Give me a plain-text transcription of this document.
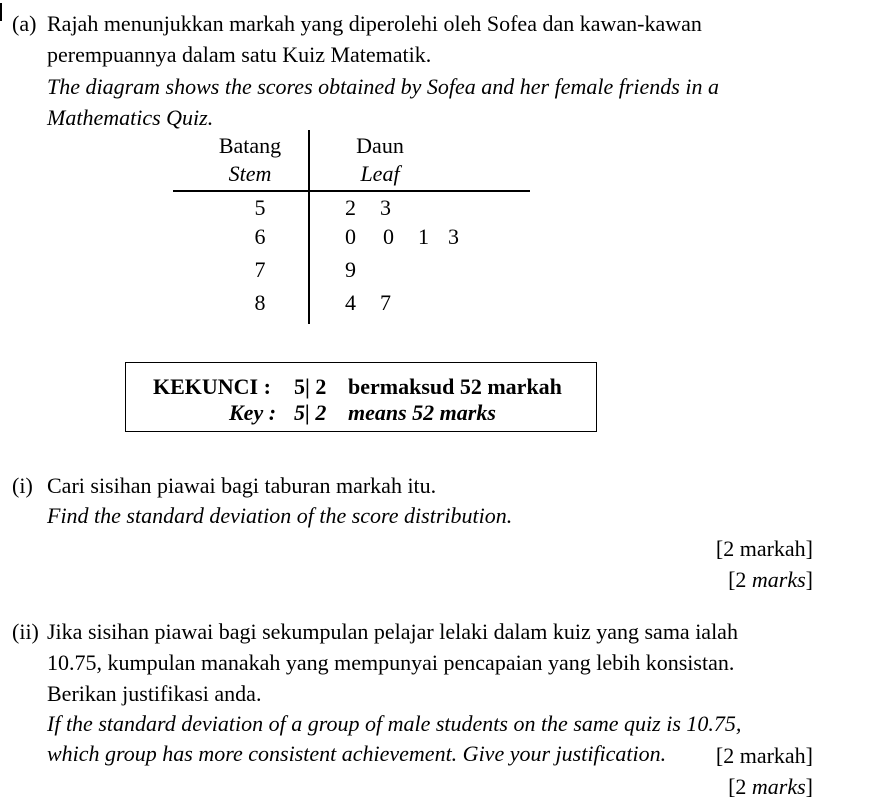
(a) Rajah menunjukkan markah yang diperolehi oleh Sofea dan kawan-kawan
perempuannya dalam satu Kuiz Matematik.
The diagram shows the scores obtained by Sofea and her female friends in a
Mathematics Quiz.
Batang
Stem
Daun
Leaf
5	2 3
6	0 0 1 3
7	9
8	4 7
KEKUNCI : 5| 2 bermaksud 52 markah
Key : 5| 2 means 52 marks
(i) Cari sisihan piawai bagi taburan markah itu.
Find the standard deviation of the score distribution.
[2 markah]
[2 marks]
(ii) Jika sisihan piawai bagi sekumpulan pelajar lelaki dalam kuiz yang sama ialah
10.75, kumpulan manakah yang mempunyai pencapaian yang lebih konsistan.
Berikan justifikasi anda.
If the standard deviation of a group of male students on the same quiz is 10.75,
which group has more consistent achievement. Give your justification. [2 markah]
[2 marks]
